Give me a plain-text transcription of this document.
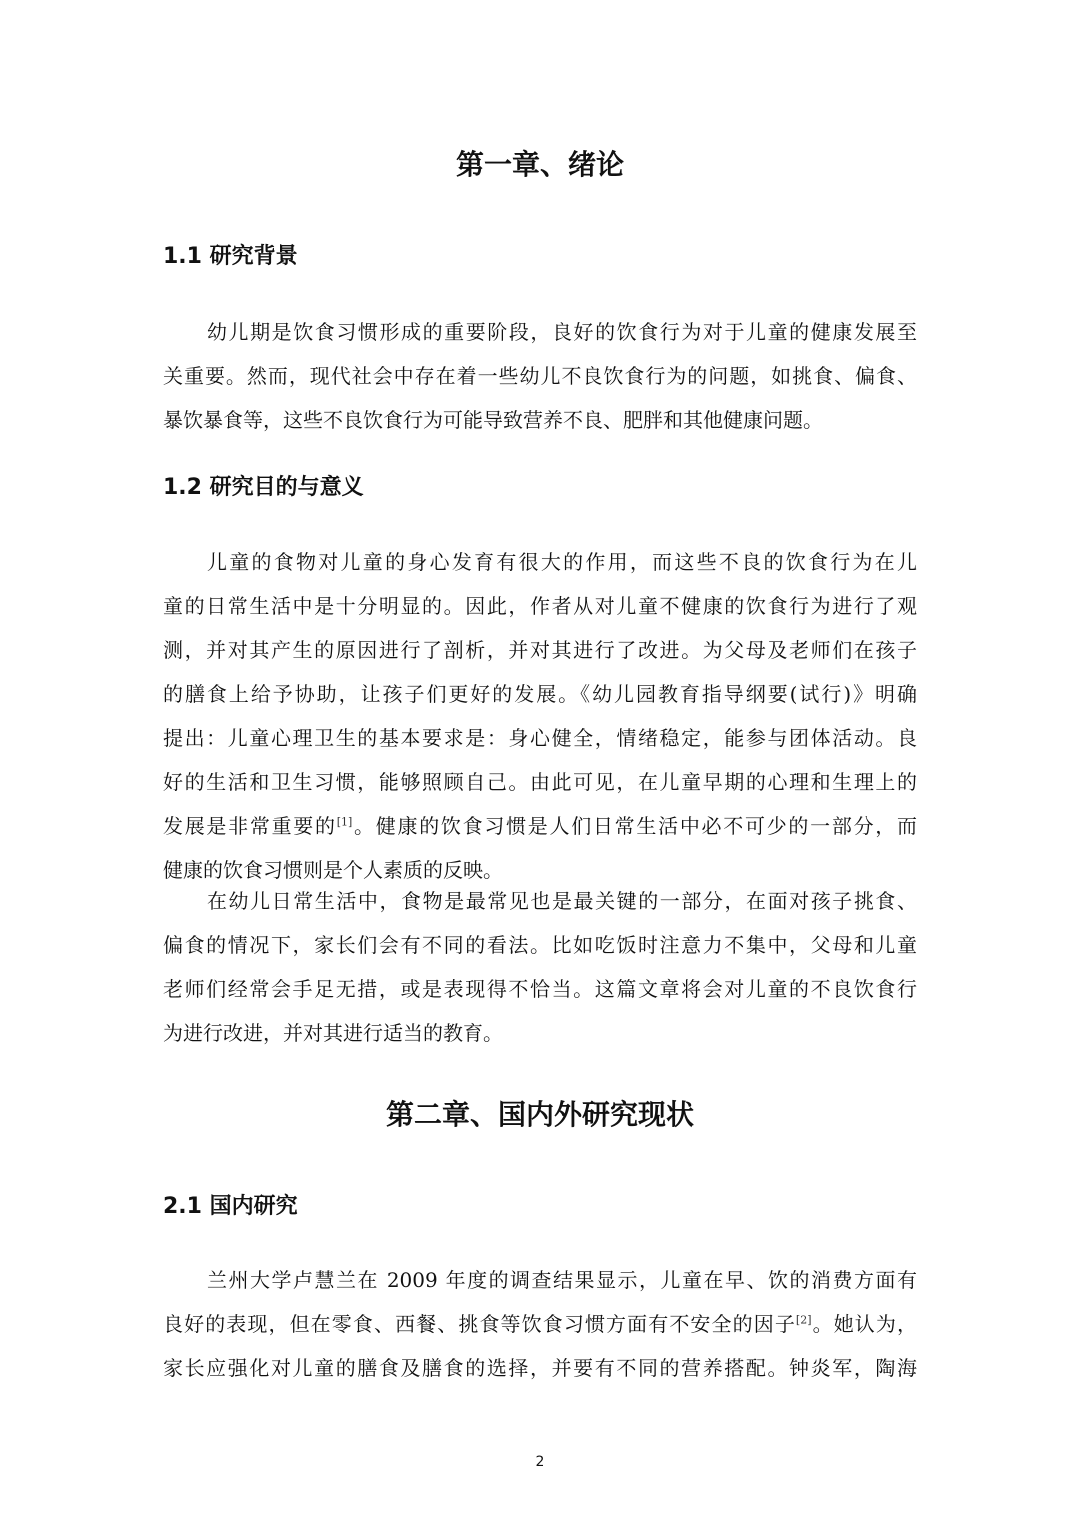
第一章、绪论
1.1 研究背景
幼儿期是饮食习惯形成的重要阶段，良好的饮食行为对于儿童的健康发展至
关重要。然而，现代社会中存在着一些幼儿不良饮食行为的问题，如挑食、偏食、
暴饮暴食等，这些不良饮食行为可能导致营养不良、肥胖和其他健康问题。
1.2 研究目的与意义
儿童的食物对儿童的身心发育有很大的作用，而这些不良的饮食行为在儿
童的日常生活中是十分明显的。因此，作者从对儿童不健康的饮食行为进行了观
测，并对其产生的原因进行了剖析，并对其进行了改进。为父母及老师们在孩子
的膳食上给予协助，让孩子们更好的发展。《幼儿园教育指导纲要(试行)》明确
提出：儿童心理卫生的基本要求是：身心健全，情绪稳定，能参与团体活动。良
好的生活和卫生习惯，能够照顾自己。由此可见，在儿童早期的心理和生理上的
发展是非常重要的[1]。健康的饮食习惯是人们日常生活中必不可少的一部分，而
健康的饮食习惯则是个人素质的反映。
在幼儿日常生活中，食物是最常见也是最关键的一部分，在面对孩子挑食、
偏食的情况下，家长们会有不同的看法。比如吃饭时注意力不集中，父母和儿童
老师们经常会手足无措，或是表现得不恰当。这篇文章将会对儿童的不良饮食行
为进行改进，并对其进行适当的教育。
第二章、国内外研究现状
2.1 国内研究
兰州大学卢慧兰在 2009 年度的调查结果显示，儿童在早、饮的消费方面有
良好的表现，但在零食、西餐、挑食等饮食习惯方面有不安全的因子[2]。她认为，
家长应强化对儿童的膳食及膳食的选择，并要有不同的营养搭配。钟炎军，陶海
2
